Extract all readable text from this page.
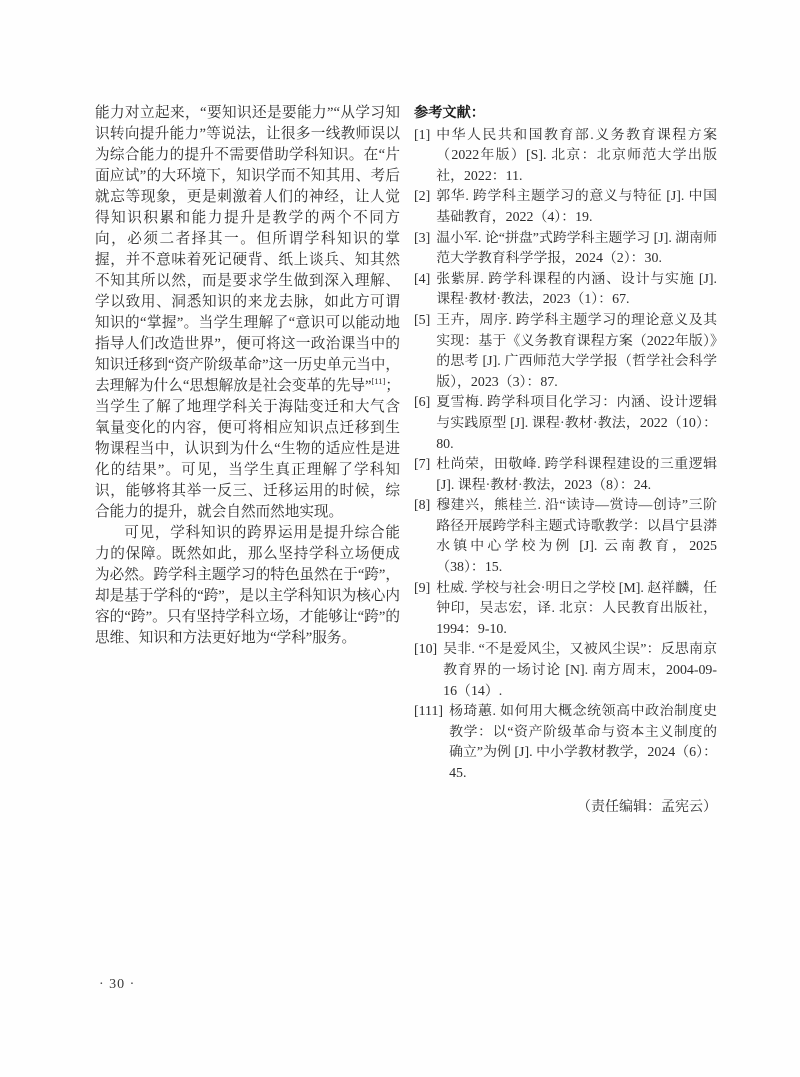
能力对立起来，“要知识还是要能力”“从学习知识转向提升能力”等说法，让很多一线教师误以为综合能力的提升不需要借助学科知识。在“片面应试”的大环境下，知识学而不知其用、考后就忘等现象，更是刺激着人们的神经，让人觉得知识积累和能力提升是教学的两个不同方向，必须二者择其一。但所谓学科知识的掌握，并不意味着死记硬背、纸上谈兵、知其然不知其所以然，而是要求学生做到深入理解、学以致用、洞悉知识的来龙去脉，如此方可谓知识的“掌握”。当学生理解了“意识可以能动地指导人们改造世界”，便可将这一政治课当中的知识迁移到“资产阶级革命”这一历史单元当中，去理解为什么“思想解放是社会变革的先导”[11]；当学生了解了地理学科关于海陆变迁和大气含氧量变化的内容，便可将相应知识点迁移到生物课程当中，认识到为什么“生物的适应性是进化的结果”。可见，当学生真正理解了学科知识，能够将其举一反三、迁移运用的时候，综合能力的提升，就会自然而然地实现。

可见，学科知识的跨界运用是提升综合能力的保障。既然如此，那么坚持学科立场便成为必然。跨学科主题学习的特色虽然在于“跨”，却是基于学科的“跨”，是以主学科知识为核心内容的“跨”。只有坚持学科立场，才能够让“跨”的思维、知识和方法更好地为“学科”服务。

参考文献：

[1] 中华人民共和国教育部.义务教育课程方案（2022年版）[S]. 北京：北京师范大学出版社，2022：11.
[2] 郭华. 跨学科主题学习的意义与特征 [J]. 中国基础教育，2022（4）：19.
[3] 温小军. 论“拼盘”式跨学科主题学习 [J]. 湖南师范大学教育科学学报，2024（2）：30.
[4] 张紫屏. 跨学科课程的内涵、设计与实施 [J]. 课程·教材·教法，2023（1）：67.
[5] 王卉，周序. 跨学科主题学习的理论意义及其实现：基于《义务教育课程方案（2022年版）》的思考 [J]. 广西师范大学学报（哲学社会科学版），2023（3）：87.
[6] 夏雪梅. 跨学科项目化学习：内涵、设计逻辑与实践原型 [J]. 课程·教材·教法，2022（10）：80.
[7] 杜尚荣，田敬峰. 跨学科课程建设的三重逻辑 [J]. 课程·教材·教法，2023（8）：24.
[8] 穆建兴，熊桂兰. 沿“读诗—赏诗—创诗”三阶路径开展跨学科主题式诗歌教学：以昌宁县漭水镇中心学校为例 [J]. 云南教育，2025（38）：15.
[9] 杜威. 学校与社会·明日之学校 [M]. 赵祥麟，任钟印，吴志宏，译. 北京：人民教育出版社，1994：9-10.
[10] 吴非. “不是爱风尘，又被风尘误”：反思南京教育界的一场讨论 [N]. 南方周末，2004-09-16（14）.
[111] 杨琦蕙. 如何用大概念统领高中政治制度史教学：以“资产阶级革命与资本主义制度的确立”为例 [J]. 中小学教材教学，2024（6）：45.
（责任编辑：孟宪云）
· 30 ·
